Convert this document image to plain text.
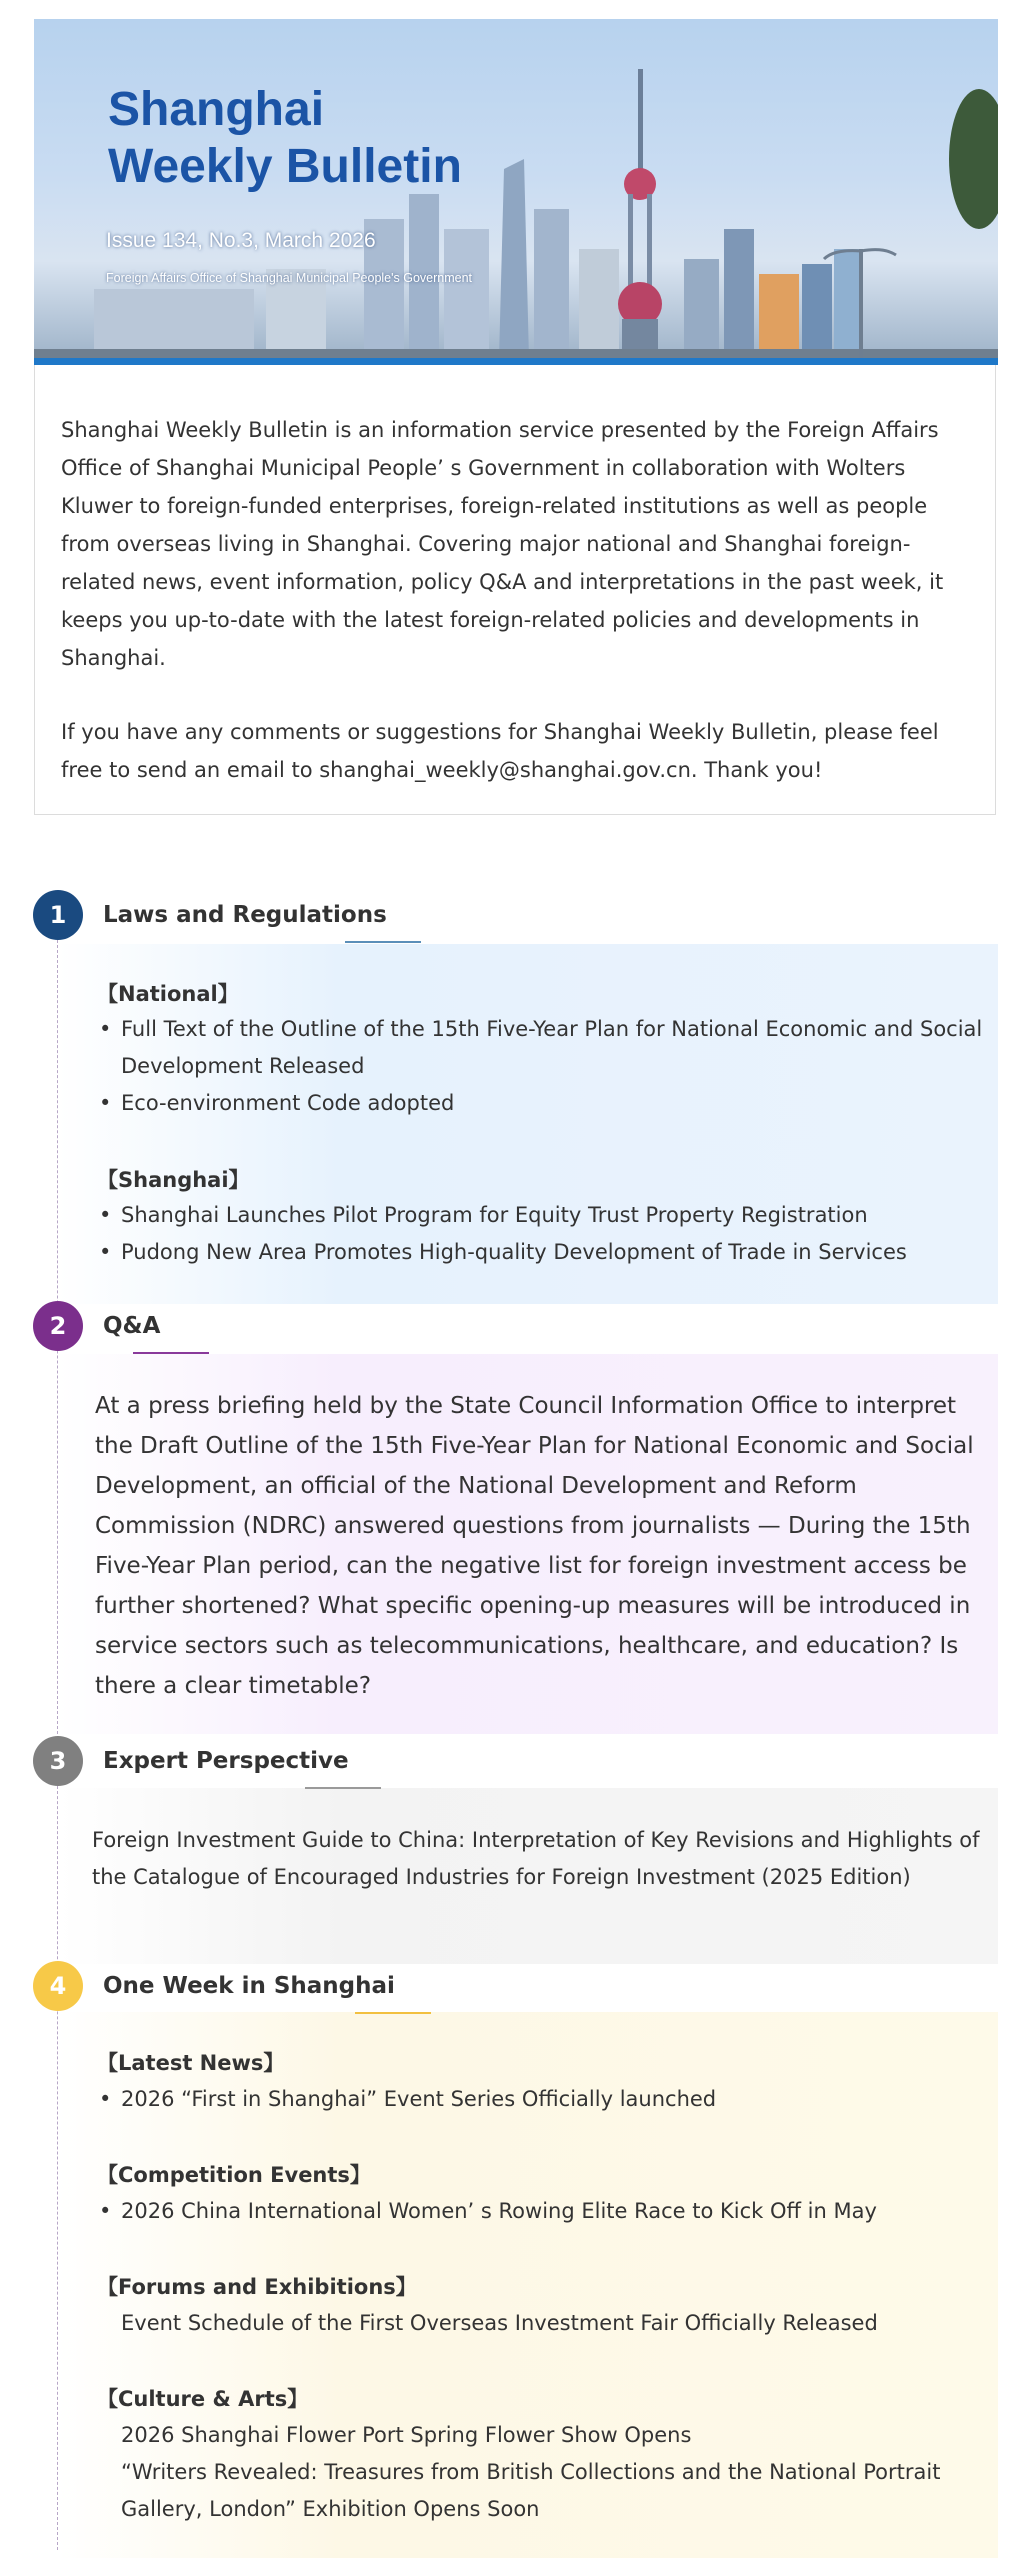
Shanghai
Weekly Bulletin
Issue 134, No.3, March 2026
Foreign Affairs Office of Shanghai Municipal People's Government

Shanghai Weekly Bulletin is an information service presented by the Foreign Affairs Office of Shanghai Municipal People’ s Government in collaboration with Wolters Kluwer to foreign-funded enterprises, foreign-related institutions as well as people from overseas living in Shanghai. Covering major national and Shanghai foreign-related news, event information, policy Q&A and interpretations in the past week, it keeps you up-to-date with the latest foreign-related policies and developments in Shanghai.

If you have any comments or suggestions for Shanghai Weekly Bulletin, please feel free to send an email to shanghai_weekly@shanghai.gov.cn. Thank you!

1	Laws and Regulations
【National】
• Full Text of the Outline of the 15th Five-Year Plan for National Economic and Social Development Released
• Eco-environment Code adopted
【Shanghai】
• Shanghai Launches Pilot Program for Equity Trust Property Registration
• Pudong New Area Promotes High-quality Development of Trade in Services
2	Q&A
At a press briefing held by the State Council Information Office to interpret the Draft Outline of the 15th Five-Year Plan for National Economic and Social Development, an official of the National Development and Reform Commission (NDRC) answered questions from journalists — During the 15th Five-Year Plan period, can the negative list for foreign investment access be further shortened? What specific opening-up measures will be introduced in service sectors such as telecommunications, healthcare, and education? Is there a clear timetable?
3	Expert Perspective
Foreign Investment Guide to China: Interpretation of Key Revisions and Highlights of the Catalogue of Encouraged Industries for Foreign Investment (2025 Edition)
4	One Week in Shanghai
【Latest News】
• 2026 “First in Shanghai” Event Series Officially launched
【Competition Events】
• 2026 China International Women’ s Rowing Elite Race to Kick Off in May
【Forums and Exhibitions】
Event Schedule of the First Overseas Investment Fair Officially Released
【Culture & Arts】
2026 Shanghai Flower Port Spring Flower Show Opens
“Writers Revealed: Treasures from British Collections and the National Portrait Gallery, London” Exhibition Opens Soon
